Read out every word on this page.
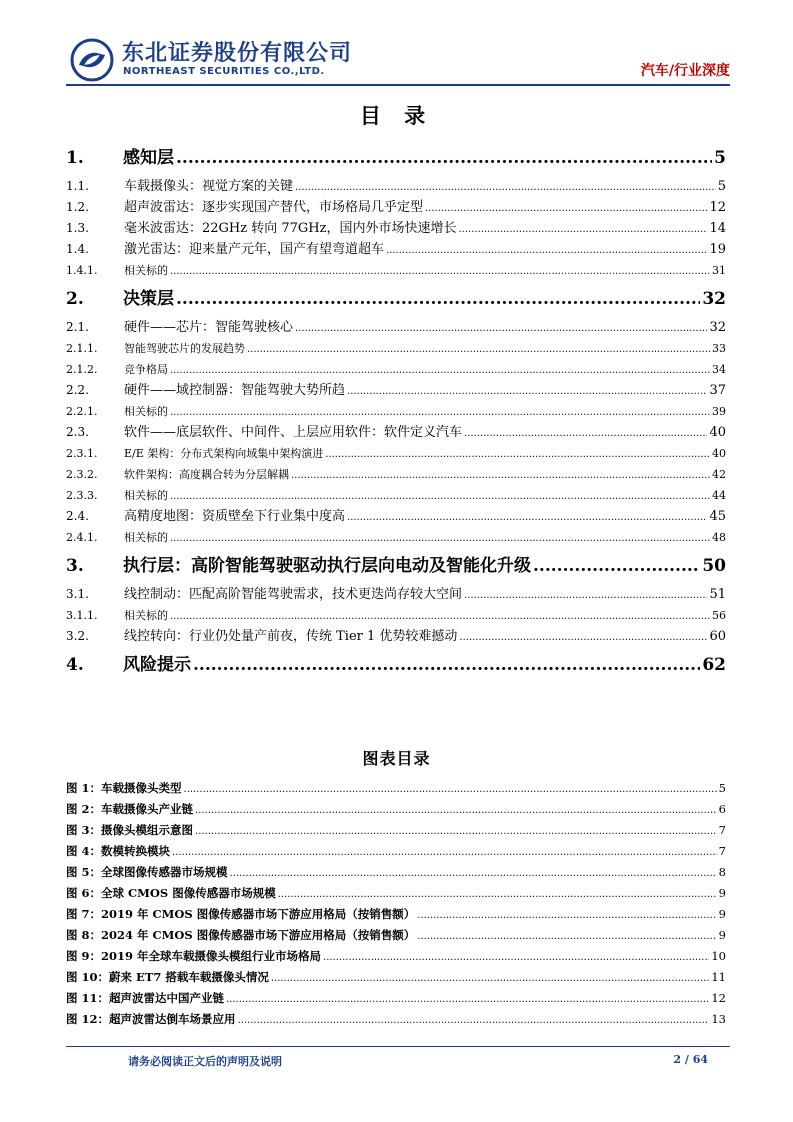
东北证券股份有限公司
NORTHEAST SECURITIES CO.,LTD.	汽车/行业深度
目 录
1.	感知层 .....	5
1.1.	车载摄像头：视觉方案的关键 .....	5
1.2.	超声波雷达：逐步实现国产替代，市场格局几乎定型 .....	12
1.3.	毫米波雷达：22GHz 转向 77GHz，国内外市场快速增长 .....	14
1.4.	激光雷达：迎来量产元年，国产有望弯道超车 .....	19
1.4.1.	相关标的 .....	31
2.	决策层 .....	32
2.1.	硬件——芯片：智能驾驶核心 .....	32
2.1.1.	智能驾驶芯片的发展趋势 .....	33
2.1.2.	竞争格局 .....	34
2.2.	硬件——域控制器：智能驾驶大势所趋 .....	37
2.2.1.	相关标的 .....	39
2.3.	软件——底层软件、中间件、上层应用软件：软件定义汽车 .....	40
2.3.1.	E/E 架构：分布式架构向域集中架构演进 .....	40
2.3.2.	软件架构：高度耦合转为分层解耦 .....	42
2.3.3.	相关标的 .....	44
2.4.	高精度地图：资质壁垒下行业集中度高 .....	45
2.4.1.	相关标的 .....	48
3.	执行层：高阶智能驾驶驱动执行层向电动及智能化升级 .....	50
3.1.	线控制动：匹配高阶智能驾驶需求，技术更迭尚存较大空间 .....	51
3.1.1.	相关标的 .....	56
3.2.	线控转向：行业仍处量产前夜，传统 Tier 1 优势较难撼动 .....	60
4.	风险提示 .....	62
图表目录
图 1：车载摄像头类型 .....	5
图 2：车载摄像头产业链 .....	6
图 3：摄像头模组示意图 .....	7
图 4：数模转换模块 .....	7
图 5：全球图像传感器市场规模 .....	8
图 6：全球 CMOS 图像传感器市场规模 .....	9
图 7：2019 年 CMOS 图像传感器市场下游应用格局（按销售额） .....	9
图 8：2024 年 CMOS 图像传感器市场下游应用格局（按销售额） .....	9
图 9：2019 年全球车载摄像头模组行业市场格局 .....	10
图 10：蔚来 ET7 搭载车载摄像头情况 .....	11
图 11：超声波雷达中国产业链 .....	12
图 12：超声波雷达倒车场景应用 .....	13
请务必阅读正文后的声明及说明	2 / 64
